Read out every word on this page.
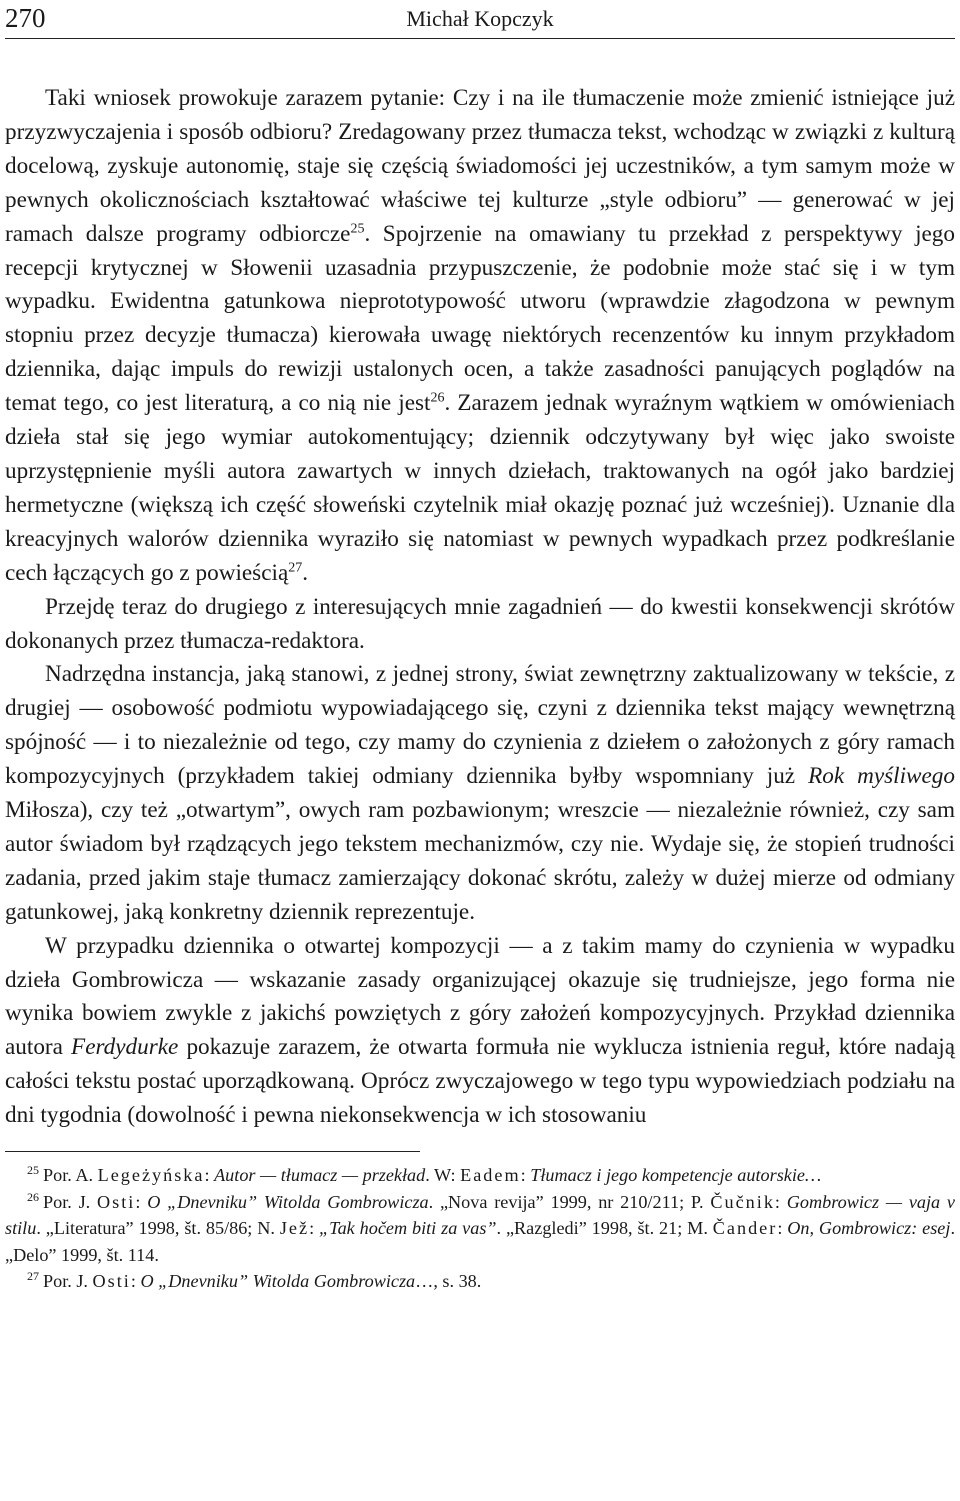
270	Michał Kopczyk

Taki wniosek prowokuje zarazem pytanie: Czy i na ile tłumaczenie może zmienić istniejące już przyzwyczajenia i sposób odbioru? Zredagowany przez tłumacza tekst, wchodząc w związki z kulturą docelową, zyskuje autonomię, staje się częścią świadomości jej uczestników, a tym samym może w pewnych okolicznościach kształtować właściwe tej kulturze „style odbioru” — generować w jej ramach dalsze programy odbiorcze$^{25}$. Spojrzenie na omawiany tu przekład z perspektywy jego recepcji krytycznej w Słowenii uzasadnia przypuszczenie, że podobnie może stać się i w tym wypadku. Ewidentna gatunkowa nieprototypowość utworu (wprawdzie złagodzona w pewnym stopniu przez decyzje tłumacza) kierowała uwagę niektórych recenzentów ku innym przykładom dziennika, dając impuls do rewizji ustalonych ocen, a także zasadności panujących poglądów na temat tego, co jest literaturą, a co nią nie jest$^{26}$. Zarazem jednak wyraźnym wątkiem w omówieniach dzieła stał się jego wymiar autokomentujący; dziennik odczytywany był więc jako swoiste uprzystępnienie myśli autora zawartych w innych dziełach, traktowanych na ogół jako bardziej hermetyczne (większą ich część słoweński czytelnik miał okazję poznać już wcześniej). Uznanie dla kreacyjnych walorów dziennika wyraziło się natomiast w pewnych wypadkach przez podkreślanie cech łączących go z powieścią$^{27}$.

Przejdę teraz do drugiego z interesujących mnie zagadnień — do kwestii konsekwencji skrótów dokonanych przez tłumacza-redaktora.

Nadrzędna instancja, jaką stanowi, z jednej strony, świat zewnętrzny zaktualizowany w tekście, z drugiej — osobowość podmiotu wypowiadającego się, czyni z dziennika tekst mający wewnętrzną spójność — i to niezależnie od tego, czy mamy do czynienia z dziełem o założonych z góry ramach kompozycyjnych (przykładem takiej odmiany dziennika byłby wspomniany już Rok myśliwego Miłosza), czy też „otwartym”, owych ram pozbawionym; wreszcie — niezależnie również, czy sam autor świadom był rządzących jego tekstem mechanizmów, czy nie. Wydaje się, że stopień trudności zadania, przed jakim staje tłumacz zamierzający dokonać skrótu, zależy w dużej mierze od odmiany gatunkowej, jaką konkretny dziennik reprezentuje.

W przypadku dziennika o otwartej kompozycji — a z takim mamy do czynienia w wypadku dzieła Gombrowicza — wskazanie zasady organizującej okazuje się trudniejsze, jego forma nie wynika bowiem zwykle z jakichś powziętych z góry założeń kompozycyjnych. Przykład dziennika autora Ferdydurke pokazuje zarazem, że otwarta formuła nie wyklucza istnienia reguł, które nadają całości tekstu postać uporządkowaną. Oprócz zwyczajowego w tego typu wypowiedziach podziału na dni tygodnia (dowolność i pewna niekonsekwencja w ich stosowaniu

$^{25}$ Por. A. Legeżyńska: Autor — tłumacz — przekład. W: Eadem: Tłumacz i jego kompetencje autorskie…

$^{26}$ Por. J. Osti: O „Dnevniku” Witolda Gombrowicza. „Nova revija” 1999, nr 210/211; P. Čučnik: Gombrowicz — vaja v stilu. „Literatura” 1998, št. 85/86; N. Jež: „Tak hočem biti za vas”. „Razgledi” 1998, št. 21; M. Čander: On, Gombrowicz: esej. „Delo” 1999, št. 114.

$^{27}$ Por. J. Osti: O „Dnevniku” Witolda Gombrowicza…, s. 38.
